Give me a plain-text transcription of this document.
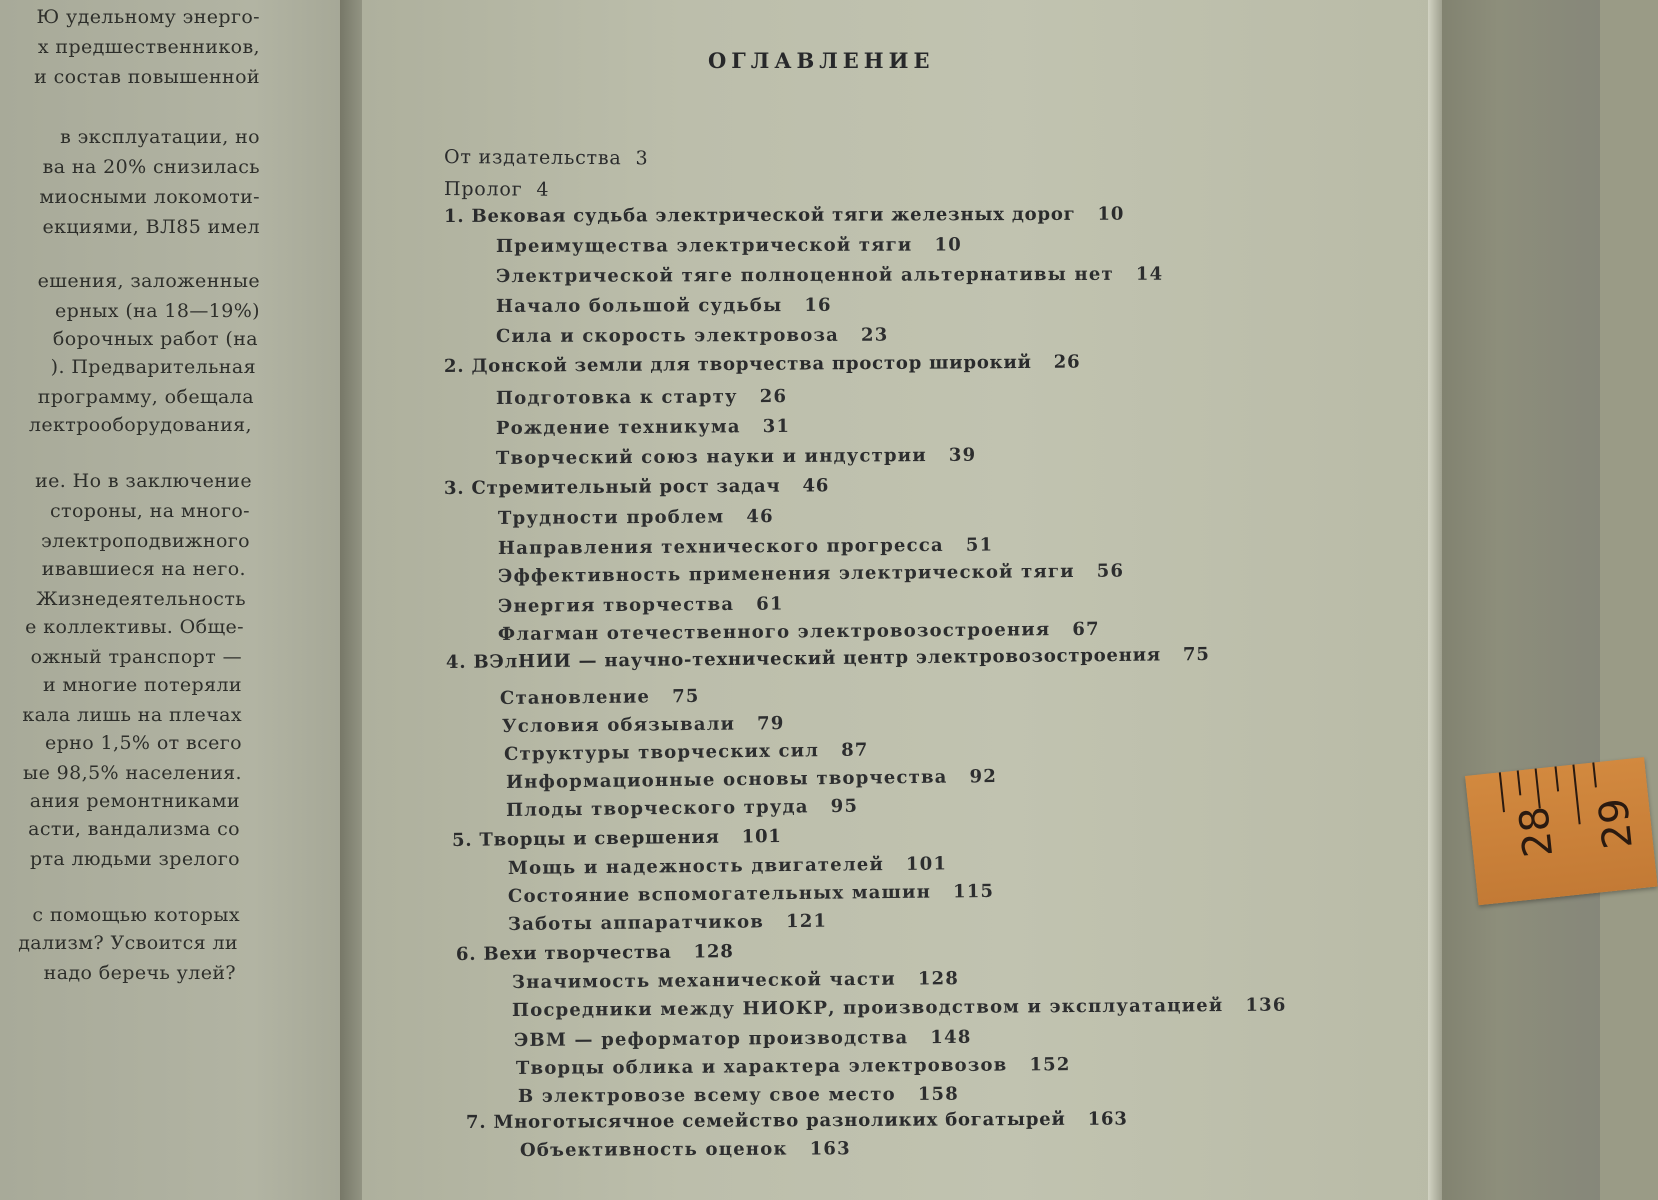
Ю удельному энерго-
х предшественников,
и состав повышенной
в эксплуатации, но
ва на 20% снизилась
миосными локомоти-
екциями, ВЛ85 имел
ешения, заложенные
ерных (на 18—19%)
борочных работ (на
). Предварительная
программу, обещала
лектрооборудования,
ие. Но в заключение
стороны, на много-
электроподвижного
ивавшиеся на него.
Жизнедеятельность
е коллективы. Обще-
ожный транспорт —
и многие потеряли
кала лишь на плечах
ерно 1,5% от всего
ые 98,5% населения.
ания ремонтниками
асти, вандализма со
рта людьми зрелого
с помощью которых
дализм? Усвоится ли
надо беречь улей?
ОГЛАВЛЕНИЕ
От издательства 3
Пролог 4
1. Вековая судьба электрической тяги железных дорог 10
Преимущества электрической тяги 10
Электрической тяге полноценной альтернативы нет 14
Начало большой судьбы 16
Сила и скорость электровоза 23
2. Донской земли для творчества простор широкий 26
Подготовка к старту 26
Рождение техникума 31
Творческий союз науки и индустрии 39
3. Стремительный рост задач 46
Трудности проблем 46
Направления технического прогресса 51
Эффективность применения электрической тяги 56
Энергия творчества 61
Флагман отечественного электровозостроения 67
4. ВЭлНИИ — научно-технический центр электровозостроения 75
Становление 75
Условия обязывали 79
Структуры творческих сил 87
Информационные основы творчества 92
Плоды творческого труда 95
5. Творцы и свершения 101
Мощь и надежность двигателей 101
Состояние вспомогательных машин 115
Заботы аппаратчиков 121
6. Вехи творчества 128
Значимость механической части 128
Посредники между НИОКР, производством и эксплуатацией 136
ЭВМ — реформатор производства 148
Творцы облика и характера электровозов 152
В электровозе всему свое место 158
7. Многотысячное семейство разноликих богатырей 163
Объективность оценок 163
28 29
